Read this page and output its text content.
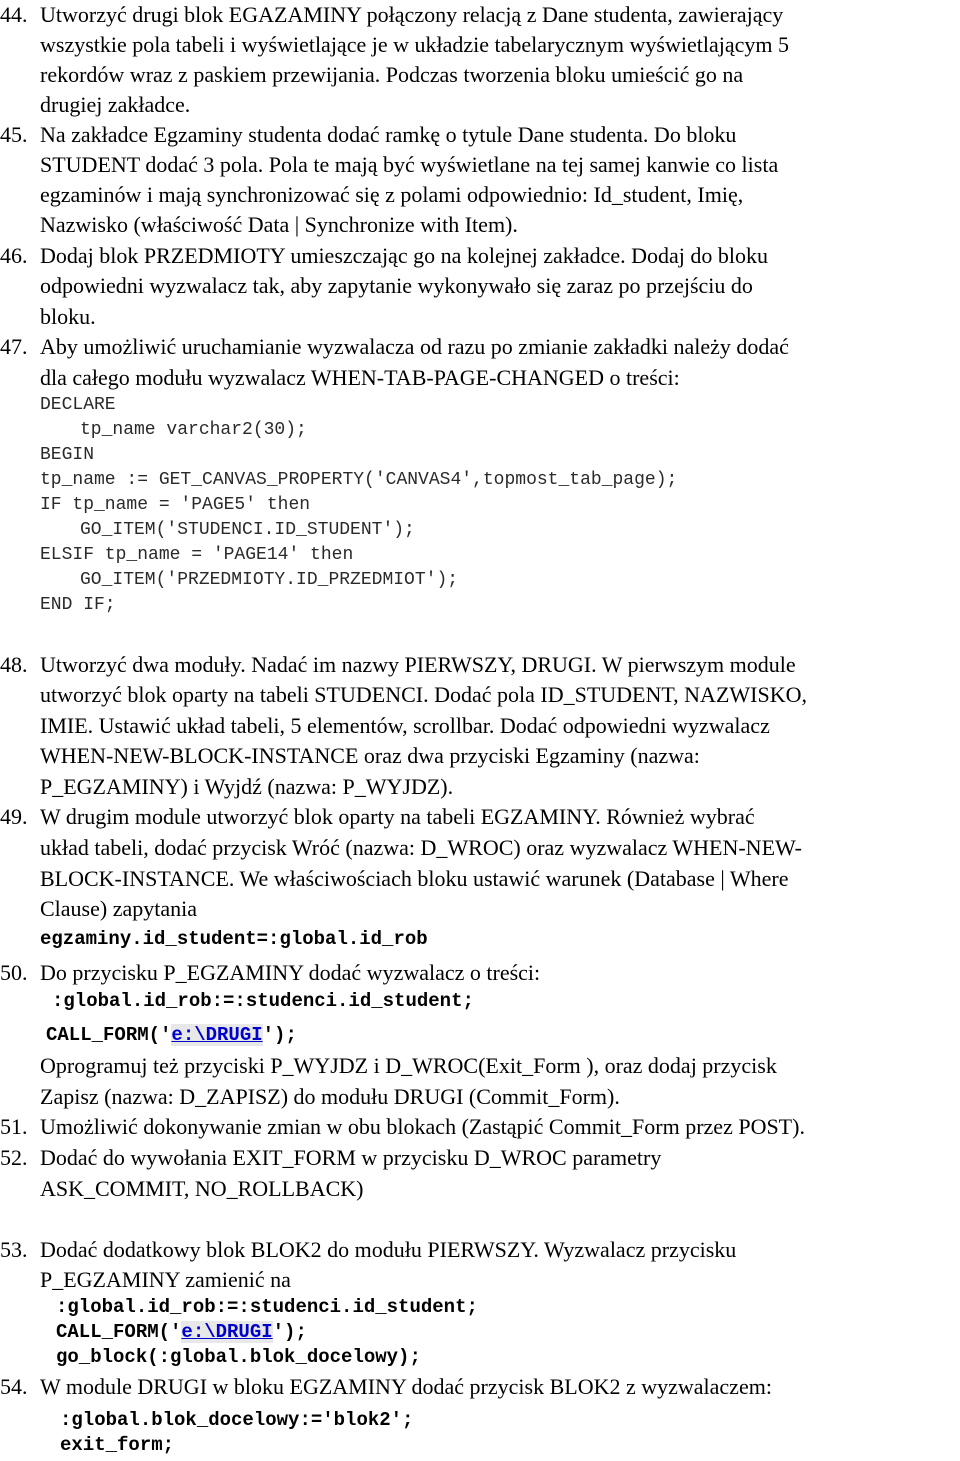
44. Utworzyć drugi blok EGAZAMINY połączony relacją z Dane studenta, zawierający
wszystkie pola tabeli i wyświetlające je w układzie tabelarycznym wyświetlającym 5
rekordów wraz z paskiem przewijania. Podczas tworzenia bloku umieścić go na
drugiej zakładce.
45. Na zakładce Egzaminy studenta dodać ramkę o tytule Dane studenta. Do bloku
STUDENT dodać 3 pola. Pola te mają być wyświetlane na tej samej kanwie co lista
egzaminów i mają synchronizować się z polami odpowiednio: Id_student, Imię,
Nazwisko (właściwość Data | Synchronize with Item).
46. Dodaj blok PRZEDMIOTY umieszczając go na kolejnej zakładce. Dodaj do bloku
odpowiedni wyzwalacz tak, aby zapytanie wykonywało się zaraz po przejściu do
bloku.
47. Aby umożliwić uruchamianie wyzwalacza od razu po zmianie zakładki należy dodać
dla całego modułu wyzwalacz WHEN-TAB-PAGE-CHANGED o treści:
DECLARE
tp_name varchar2(30);
BEGIN
tp_name := GET_CANVAS_PROPERTY('CANVAS4',topmost_tab_page);
IF tp_name = 'PAGE5' then
GO_ITEM('STUDENCI.ID_STUDENT');
ELSIF tp_name = 'PAGE14' then
GO_ITEM('PRZEDMIOTY.ID_PRZEDMIOT');
END IF;
48. Utworzyć dwa moduły. Nadać im nazwy PIERWSZY, DRUGI. W pierwszym module
utworzyć blok oparty na tabeli STUDENCI. Dodać pola ID_STUDENT, NAZWISKO,
IMIE. Ustawić układ tabeli, 5 elementów, scrollbar. Dodać odpowiedni wyzwalacz
WHEN-NEW-BLOCK-INSTANCE oraz dwa przyciski Egzaminy (nazwa:
P_EGZAMINY) i Wyjdź (nazwa: P_WYJDZ).
49. W drugim module utworzyć blok oparty na tabeli EGZAMINY. Również wybrać
układ tabeli, dodać przycisk Wróć (nazwa: D_WROC) oraz wyzwalacz WHEN-NEW-
BLOCK-INSTANCE. We właściwościach bloku ustawić warunek (Database | Where
Clause) zapytania
egzaminy.id_student=:global.id_rob
50. Do przycisku P_EGZAMINY dodać wyzwalacz o treści:
:global.id_rob:=:studenci.id_student;
CALL_FORM('e:\DRUGI');
Oprogramuj też przyciski P_WYJDZ i D_WROC(Exit_Form ), oraz dodaj przycisk
Zapisz (nazwa: D_ZAPISZ) do modułu DRUGI (Commit_Form).
51. Umożliwić dokonywanie zmian w obu blokach (Zastąpić Commit_Form przez POST).
52. Dodać do wywołania EXIT_FORM w przycisku D_WROC parametry
ASK_COMMIT, NO_ROLLBACK)
53. Dodać dodatkowy blok BLOK2 do modułu PIERWSZY. Wyzwalacz przycisku
P_EGZAMINY zamienić na
:global.id_rob:=:studenci.id_student;
CALL_FORM('e:\DRUGI');
go_block(:global.blok_docelowy);
54. W module DRUGI w bloku EGZAMINY dodać przycisk BLOK2 z wyzwalaczem:
:global.blok_docelowy:='blok2';
exit_form;
